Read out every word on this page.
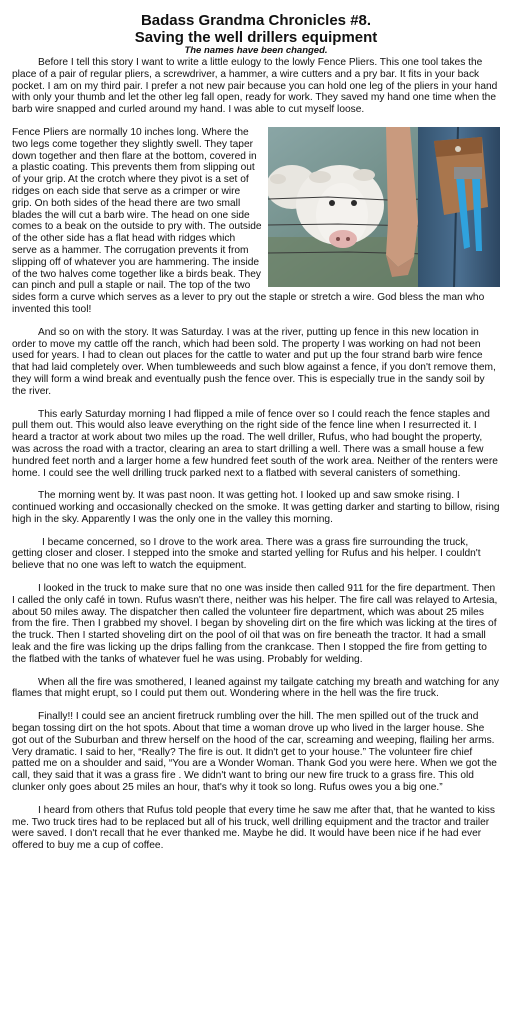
Badass Grandma Chronicles #8.
Saving the well drillers equipment
The names have been changed.

Before I tell this story I want to write a little eulogy to the lowly Fence Pliers. This one tool takes the place of a pair of regular pliers, a screwdriver, a hammer, a wire cutters and a pry bar. It fits in your back pocket. I am on my third pair. I prefer a not new pair because you can hold one leg of the pliers in your hand with only your thumb and let the other leg fall open, ready for work. They saved my hand one time when the barb wire snapped and curled around my hand. I was able to cut myself loose.

Fence Pliers are normally 10 inches long. Where the two legs come together they slightly swell. They taper down together and then flare at the bottom, covered in a plastic coating. This prevents them from slipping out of your grip. At the crotch where they pivot is a set of ridges on each side that serve as a crimper or wire grip. On both sides of the head there are two small blades the will cut a barb wire. The head on one side comes to a beak on the outside to pry with. The outside of the other side has a flat head with ridges which serve as a hammer. The corrugation prevents it from slipping off of whatever you are hammering. The inside of the two halves come together like a birds beak. They can pinch and pull a staple or nail. The top of the two sides form a curve which serves as a lever to pry out the staple or stretch a wire. God bless the man who invented this tool!

And so on with the story. It was Saturday. I was at the river, putting up fence in this new location in order to move my cattle off the ranch, which had been sold. The property I was working on had not been used for years. I had to clean out places for the cattle to water and put up the four strand barb wire fence that had laid completely over. When tumbleweeds and such blow against a fence, if you don't remove them, they will form a wind break and eventually push the fence over. This is especially true in the sandy soil by the river.

This early Saturday morning I had flipped a mile of fence over so I could reach the fence staples and pull them out. This would also leave everything on the right side of the fence line when I resurrected it. I heard a tractor at work about two miles up the road. The well driller, Rufus, who had bought the property, was across the road with a tractor, clearing an area to start drilling a well. There was a small house a few hundred feet north and a larger home a few hundred feet south of the work area. Neither of the renters were home. I could see the well drilling truck parked next to a flatbed with several canisters of something.

The morning went by. It was past noon. It was getting hot. I looked up and saw smoke rising. I continued working and occasionally checked on the smoke. It was getting darker and starting to billow, rising high in the sky. Apparently I was the only one in the valley this morning.

I became concerned, so I drove to the work area. There was a grass fire surrounding the truck, getting closer and closer. I stepped into the smoke and started yelling for Rufus and his helper. I couldn't believe that no one was left to watch the equipment.

I looked in the truck to make sure that no one was inside then called 911 for the fire department. Then I called the only café in town. Rufus wasn't there, neither was his helper. The fire call was relayed to Artesia, about 50 miles away. The dispatcher then called the volunteer fire department, which was about 25 miles from the fire. Then I grabbed my shovel. I began by shoveling dirt on the fire which was licking at the tires of the truck. Then I started shoveling dirt on the pool of oil that was on fire beneath the tractor. It had a small leak and the fire was licking up the drips falling from the crankcase. Then I stopped the fire from getting to the flatbed with the tanks of whatever fuel he was using. Probably for welding.

When all the fire was smothered, I leaned against my tailgate catching my breath and watching for any flames that might erupt, so I could put them out. Wondering where in the hell was the fire truck.

Finally!! I could see an ancient firetruck rumbling over the hill. The men spilled out of the truck and began tossing dirt on the hot spots. About that time a woman drove up who lived in the larger house. She got out of the Suburban and threw herself on the hood of the car, screaming and weeping, flailing her arms. Very dramatic. I said to her, “Really? The fire is out. It didn't get to your house.” The volunteer fire chief patted me on a shoulder and said, “You are a Wonder Woman. Thank God you were here. When we got the call, they said that it was a grass fire . We didn't want to bring our new fire truck to a grass fire. This old clunker only goes about 25 miles an hour, that's why it took so long. Rufus owes you a big one.”

I heard from others that Rufus told people that every time he saw me after that, that he wanted to kiss me. Two truck tires had to be replaced but all of his truck, well drilling equipment and the tractor and trailer were saved. I don't recall that he ever thanked me. Maybe he did. It would have been nice if he had ever offered to buy me a cup of coffee.
